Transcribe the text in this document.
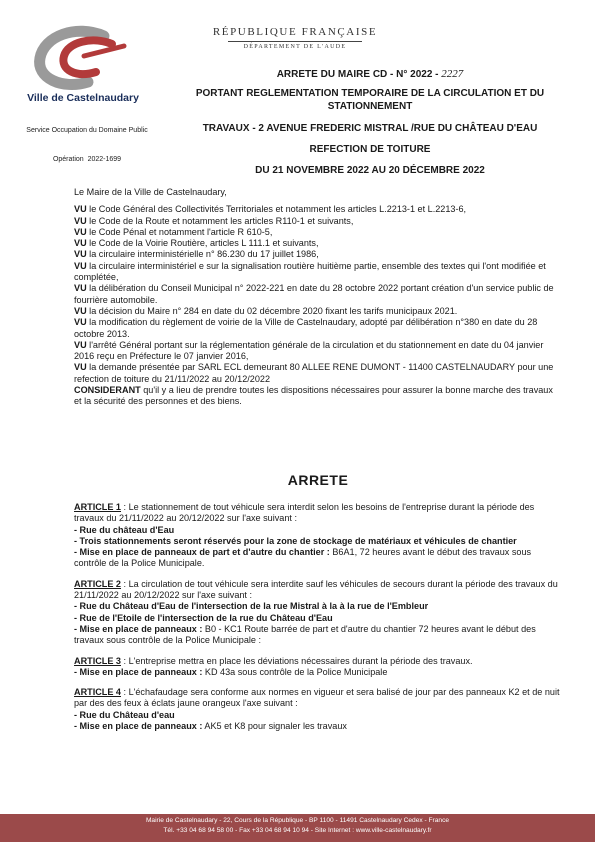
Ville de Castelnaudary
Service Occupation du Domaine Public
Opération 2022-1699
RÉPUBLIQUE FRANÇAISE
DÉPARTEMENT DE L'AUDE
ARRETE DU MAIRE CD - N° 2022 - 2227
PORTANT REGLEMENTATION TEMPORAIRE DE LA CIRCULATION ET DU
STATIONNEMENT
TRAVAUX - 2 AVENUE FREDERIC MISTRAL /RUE DU CHÂTEAU D'EAU
REFECTION DE TOITURE
DU 21 NOVEMBRE 2022 AU 20 DÉCEMBRE 2022

Le Maire de la Ville de Castelnaudary,

VU le Code Général des Collectivités Territoriales et notamment les articles L.2213-1 et L.2213-6,

VU le Code de la Route et notamment les articles R110-1 et suivants,

VU le Code Pénal et notamment l'article R 610-5,

VU le Code de la Voirie Routière, articles L 111.1 et suivants,

VU la circulaire interministérielle n° 86.230 du 17 juillet 1986,

VU la circulaire interministériel e sur la signalisation routière huitième partie, ensemble des textes qui l'ont modifiée et complétée,

VU la délibération du Conseil Municipal n° 2022-221 en date du 28 octobre 2022 portant création d'un service public de fourrière automobile.

VU la décision du Maire n° 284 en date du 02 décembre 2020 fixant les tarifs municipaux 2021.

VU la modification du règlement de voirie de la Ville de Castelnaudary, adopté par délibération n°380 en date du 28 octobre 2013.

VU l'arrêté Général portant sur la réglementation générale de la circulation et du stationnement en date du 04 janvier 2016 reçu en Préfecture le 07 janvier 2016,

VU la demande présentée par SARL ECL demeurant 80 ALLEE RENE DUMONT - 11400 CASTELNAUDARY pour une refection de toiture du 21/11/2022 au 20/12/2022

CONSIDERANT qu'il y a lieu de prendre toutes les dispositions nécessaires pour assurer la bonne marche des travaux et la sécurité des personnes et des biens.

ARRETE

ARTICLE 1 : Le stationnement de tout véhicule sera interdit selon les besoins de l'entreprise durant la période des travaux du 21/11/2022 au 20/12/2022 sur l'axe suivant :

- Rue du château d'Eau

- Trois stationnements seront réservés pour la zone de stockage de matériaux et véhicules de chantier

- Mise en place de panneaux de part et d'autre du chantier : B6A1, 72 heures avant le début des travaux sous contrôle de la Police Municipale.

ARTICLE 2 : La circulation de tout véhicule sera interdite sauf les véhicules de secours durant la période des travaux du 21/11/2022 au 20/12/2022 sur l'axe suivant :

- Rue du Château d'Eau de l'intersection de la rue Mistral à la à la rue de l'Embleur

- Rue de l'Etoile de l'intersection de la rue du Château d'Eau

- Mise en place de panneaux : B0 - KC1 Route barrée de part et d'autre du chantier 72 heures avant le début des travaux sous contrôle de la Police Municipale :

ARTICLE 3 : L'entreprise mettra en place les déviations nécessaires durant la période des travaux.

- Mise en place de panneaux : KD 43a sous contrôle de la Police Municipale

ARTICLE 4 : L'échafaudage sera conforme aux normes en vigueur et sera balisé de jour par des panneaux K2 et de nuit par des des feux à éclats jaune orangeux l'axe suivant :

- Rue du Château d'eau

- Mise en place de panneaux : AK5 et K8 pour signaler les travaux

Mairie de Castelnaudary - 22, Cours de la République - BP 1100 - 11491 Castelnaudary Cedex - France
Tél. +33 04 68 94 58 00 - Fax +33 04 68 94 10 94 - Site Internet : www.ville-castelnaudary.fr
